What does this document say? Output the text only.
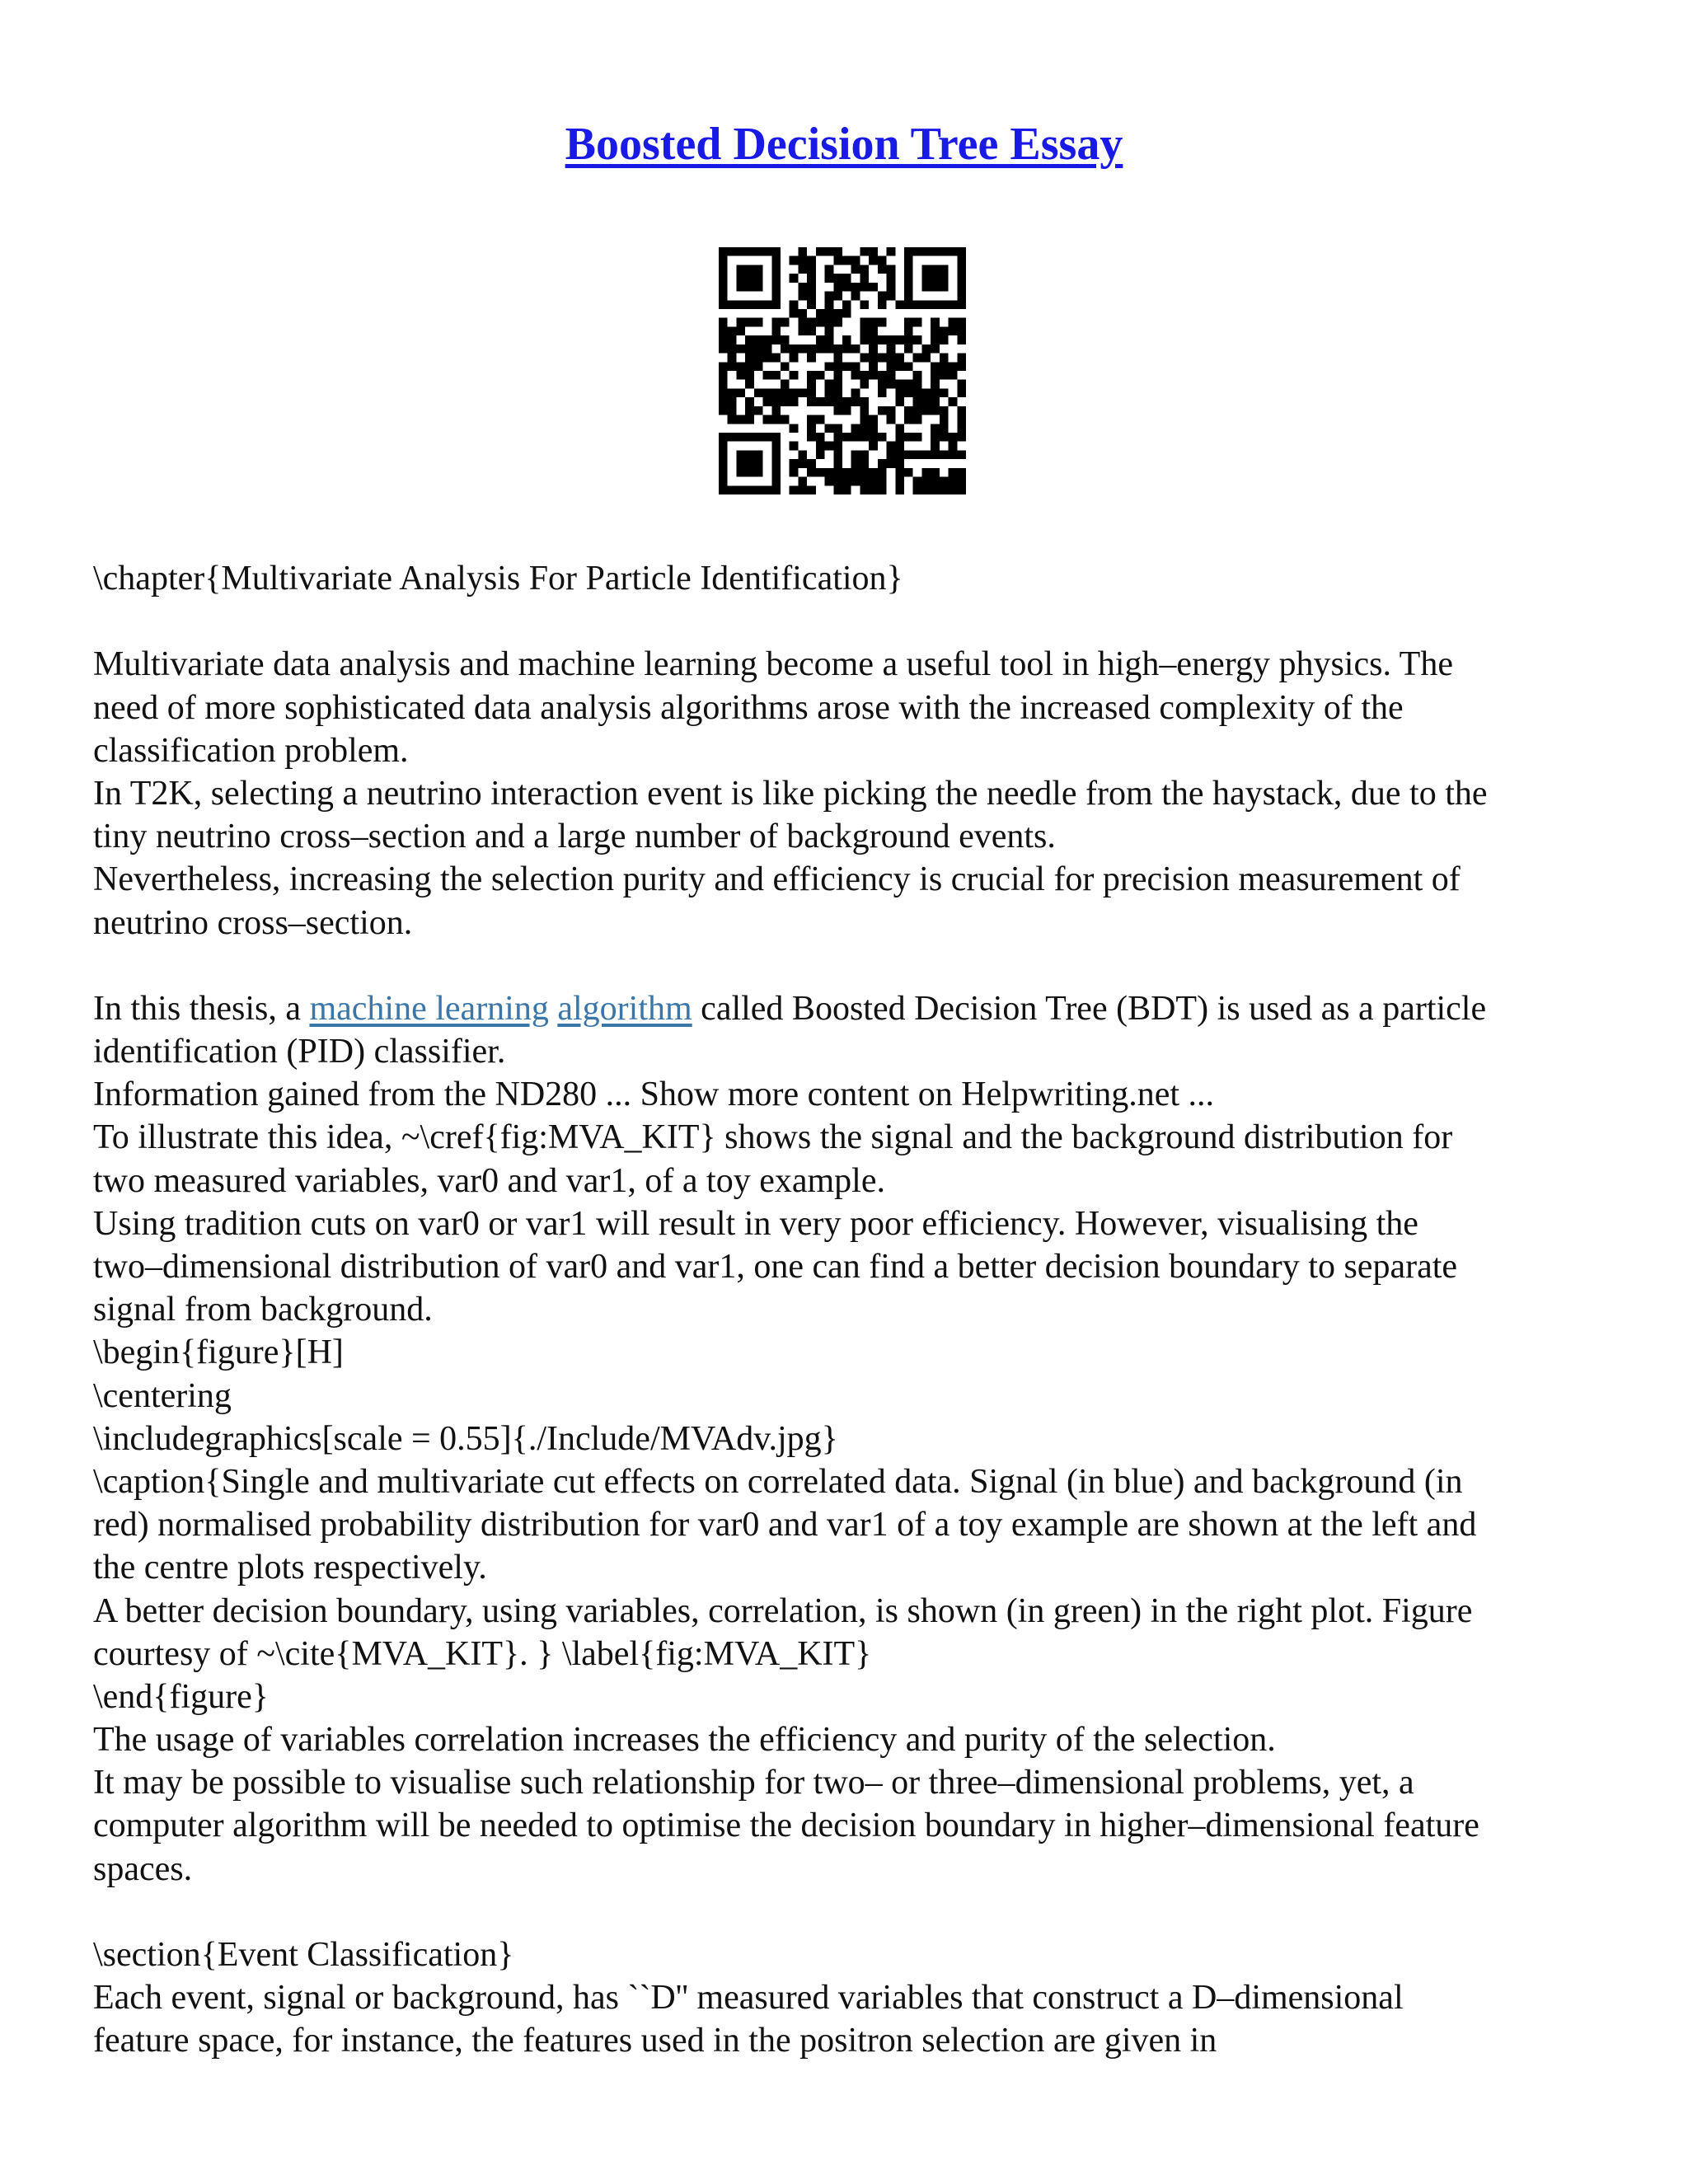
Boosted Decision Tree Essay
\chapter{Multivariate Analysis For Particle Identification}
Multivariate data analysis and machine learning become a useful tool in high–energy physics. The
need of more sophisticated data analysis algorithms arose with the increased complexity of the
classification problem.
In T2K, selecting a neutrino interaction event is like picking the needle from the haystack, due to the
tiny neutrino cross–section and a large number of background events.
Nevertheless, increasing the selection purity and efficiency is crucial for precision measurement of
neutrino cross–section.
In this thesis, a machine learning algorithm called Boosted Decision Tree (BDT) is used as a particle
identification (PID) classifier.
Information gained from the ND280 ... Show more content on Helpwriting.net ...
To illustrate this idea, ~\cref{fig:MVA_KIT} shows the signal and the background distribution for
two measured variables, var0 and var1, of a toy example.
Using tradition cuts on var0 or var1 will result in very poor efficiency. However, visualising the
two–dimensional distribution of var0 and var1, one can find a better decision boundary to separate
signal from background.
\begin{figure}[H]
\centering
\includegraphics[scale = 0.55]{./Include/MVAdv.jpg}
\caption{Single and multivariate cut effects on correlated data. Signal (in blue) and background (in
red) normalised probability distribution for var0 and var1 of a toy example are shown at the left and
the centre plots respectively.
A better decision boundary, using variables, correlation, is shown (in green) in the right plot. Figure
courtesy of ~\cite{MVA_KIT}. } \label{fig:MVA_KIT}
\end{figure}
The usage of variables correlation increases the efficiency and purity of the selection.
It may be possible to visualise such relationship for two– or three–dimensional problems, yet, a
computer algorithm will be needed to optimise the decision boundary in higher–dimensional feature
spaces.
\section{Event Classification}
Each event, signal or background, has ``D'' measured variables that construct a D–dimensional
feature space, for instance, the features used in the positron selection are given in
